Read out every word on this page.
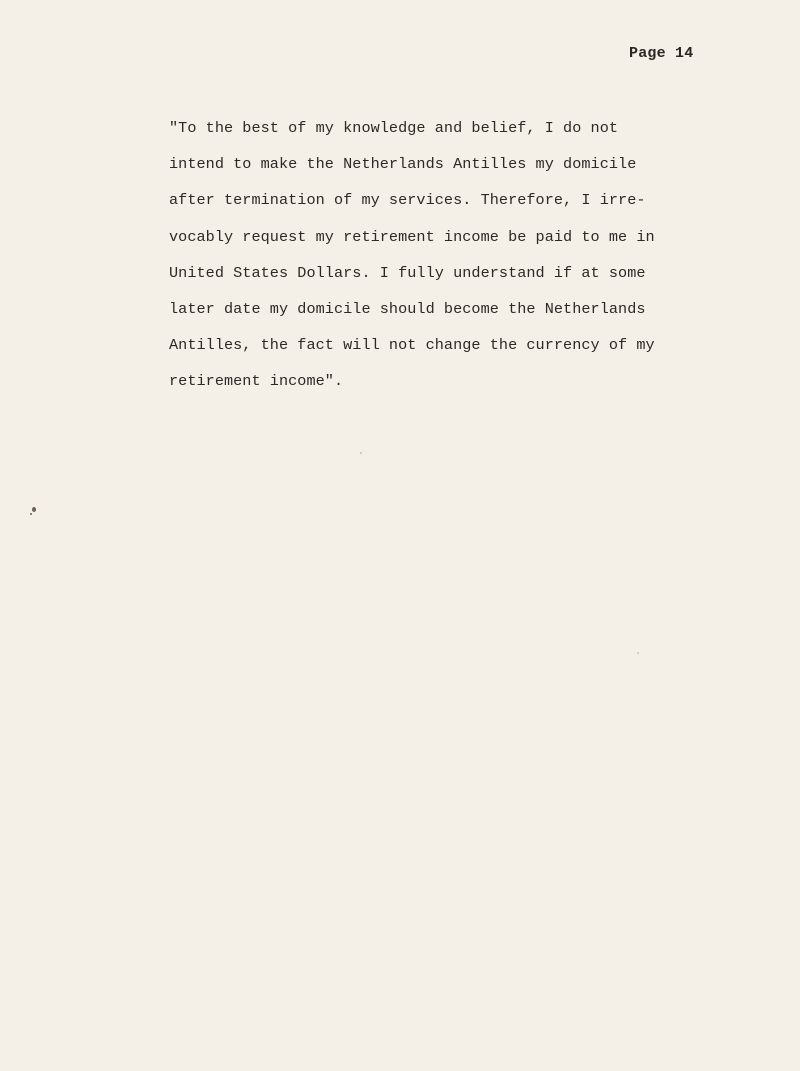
Page 14
"To the best of my knowledge and belief, I do not
intend to make the Netherlands Antilles my domicile
after termination of my services. Therefore, I irre-
vocably request my retirement income be paid to me in
United States Dollars. I fully understand if at some
later date my domicile should become the Netherlands
Antilles, the fact will not change the currency of my
retirement income".
